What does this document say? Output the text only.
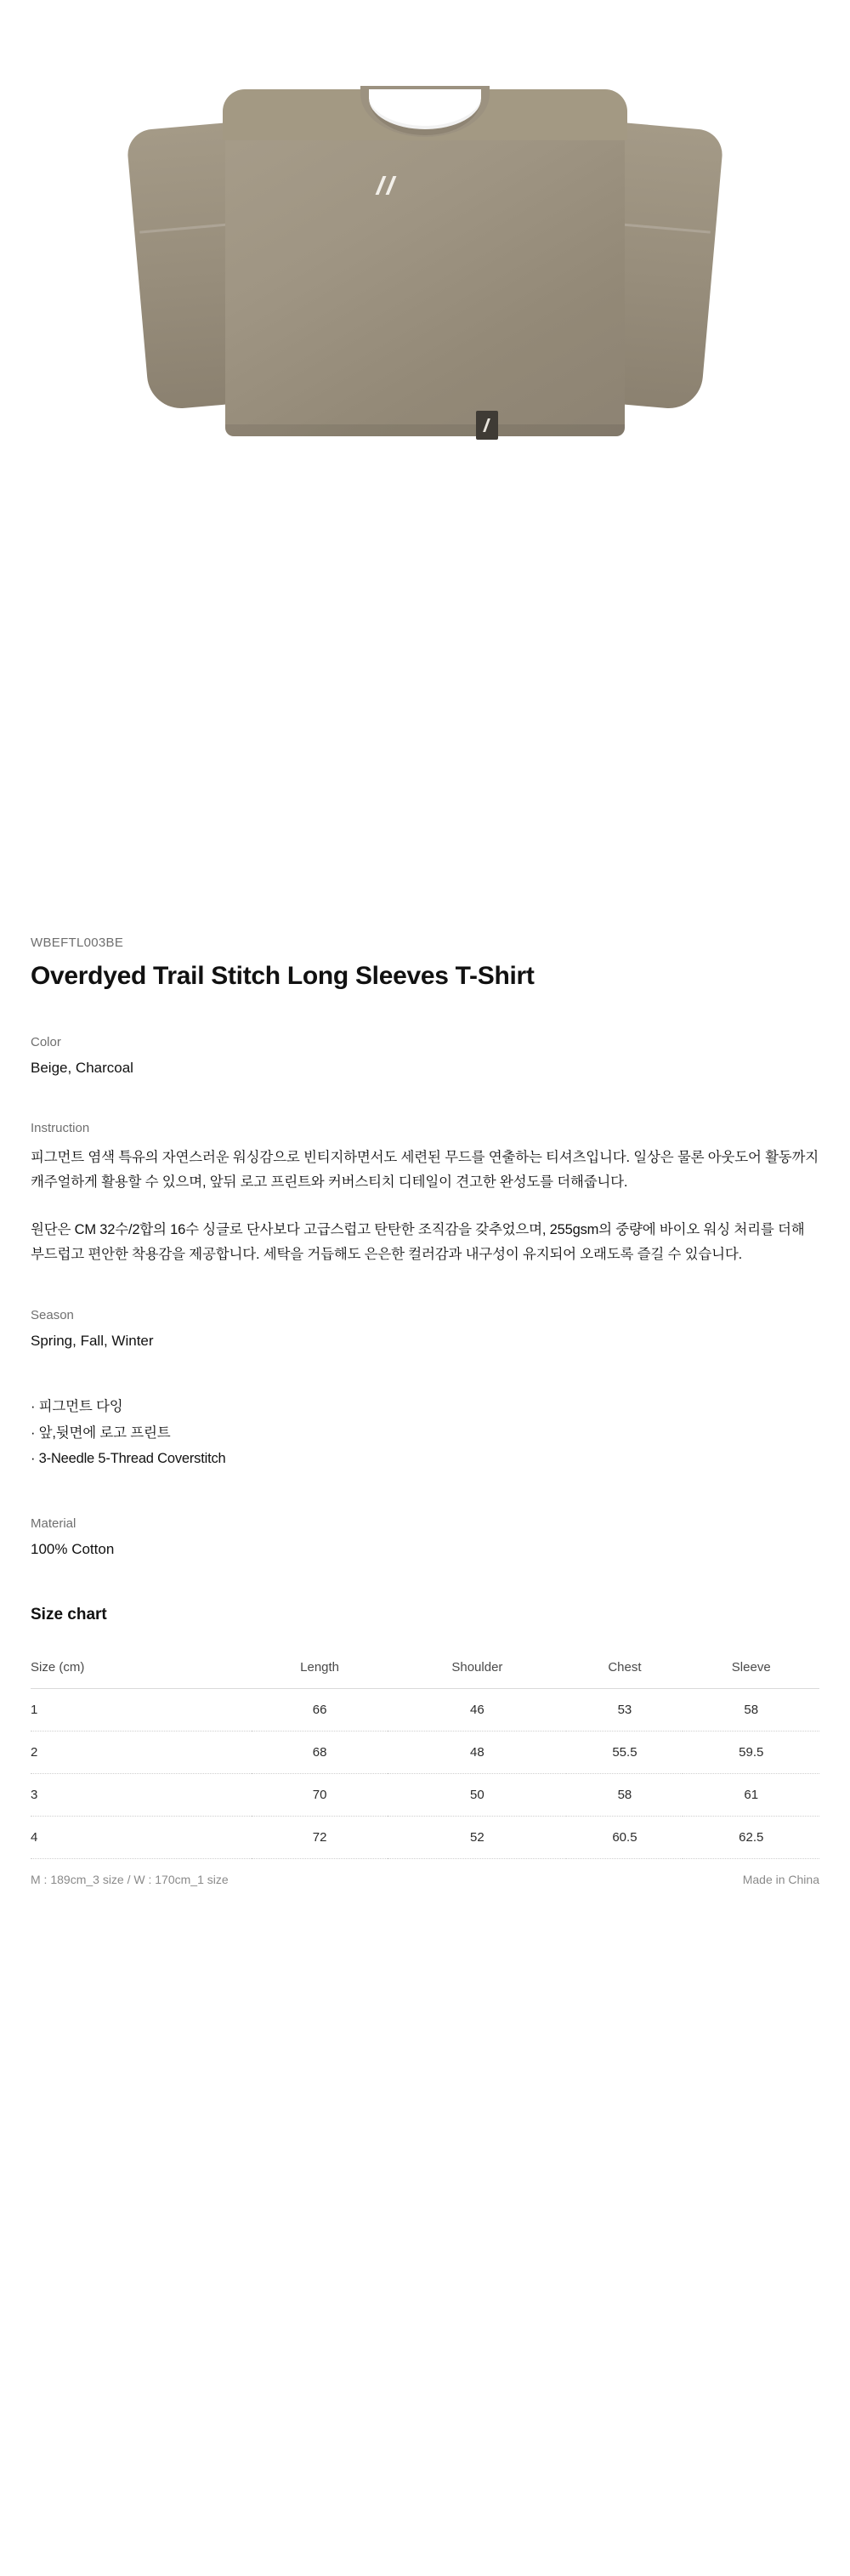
WBEFTL003BE
Overdyed Trail Stitch Long Sleeves T-Shirt
Color
Beige, Charcoal
Instruction

피그먼트 염색 특유의 자연스러운 워싱감으로 빈티지하면서도 세련된 무드를 연출하는 티셔츠입니다. 일상은 물론 아웃도어 활동까지 캐주얼하게 활용할 수 있으며, 앞뒤 로고 프린트와 커버스티치 디테일이 견고한 완성도를 더해줍니다.

원단은 CM 32수/2합의 16수 싱글로 단사보다 고급스럽고 탄탄한 조직감을 갖추었으며, 255gsm의 중량에 바이오 워싱 처리를 더해 부드럽고 편안한 착용감을 제공합니다. 세탁을 거듭해도 은은한 컬러감과 내구성이 유지되어 오래도록 즐길 수 있습니다.

Season
Spring, Fall, Winter
· 피그먼트 다잉
· 앞,뒷면에 로고 프린트
· 3-Needle 5-Thread Coverstitch
Material
100% Cotton
Size chart
Size (cm)	Length	Shoulder	Chest	Sleeve
1	66	46	53	58
2	68	48	55.5	59.5
3	70	50	58	61
4	72	52	60.5	62.5
M : 189cm_3 size / W : 170cm_1 size	Made in China
